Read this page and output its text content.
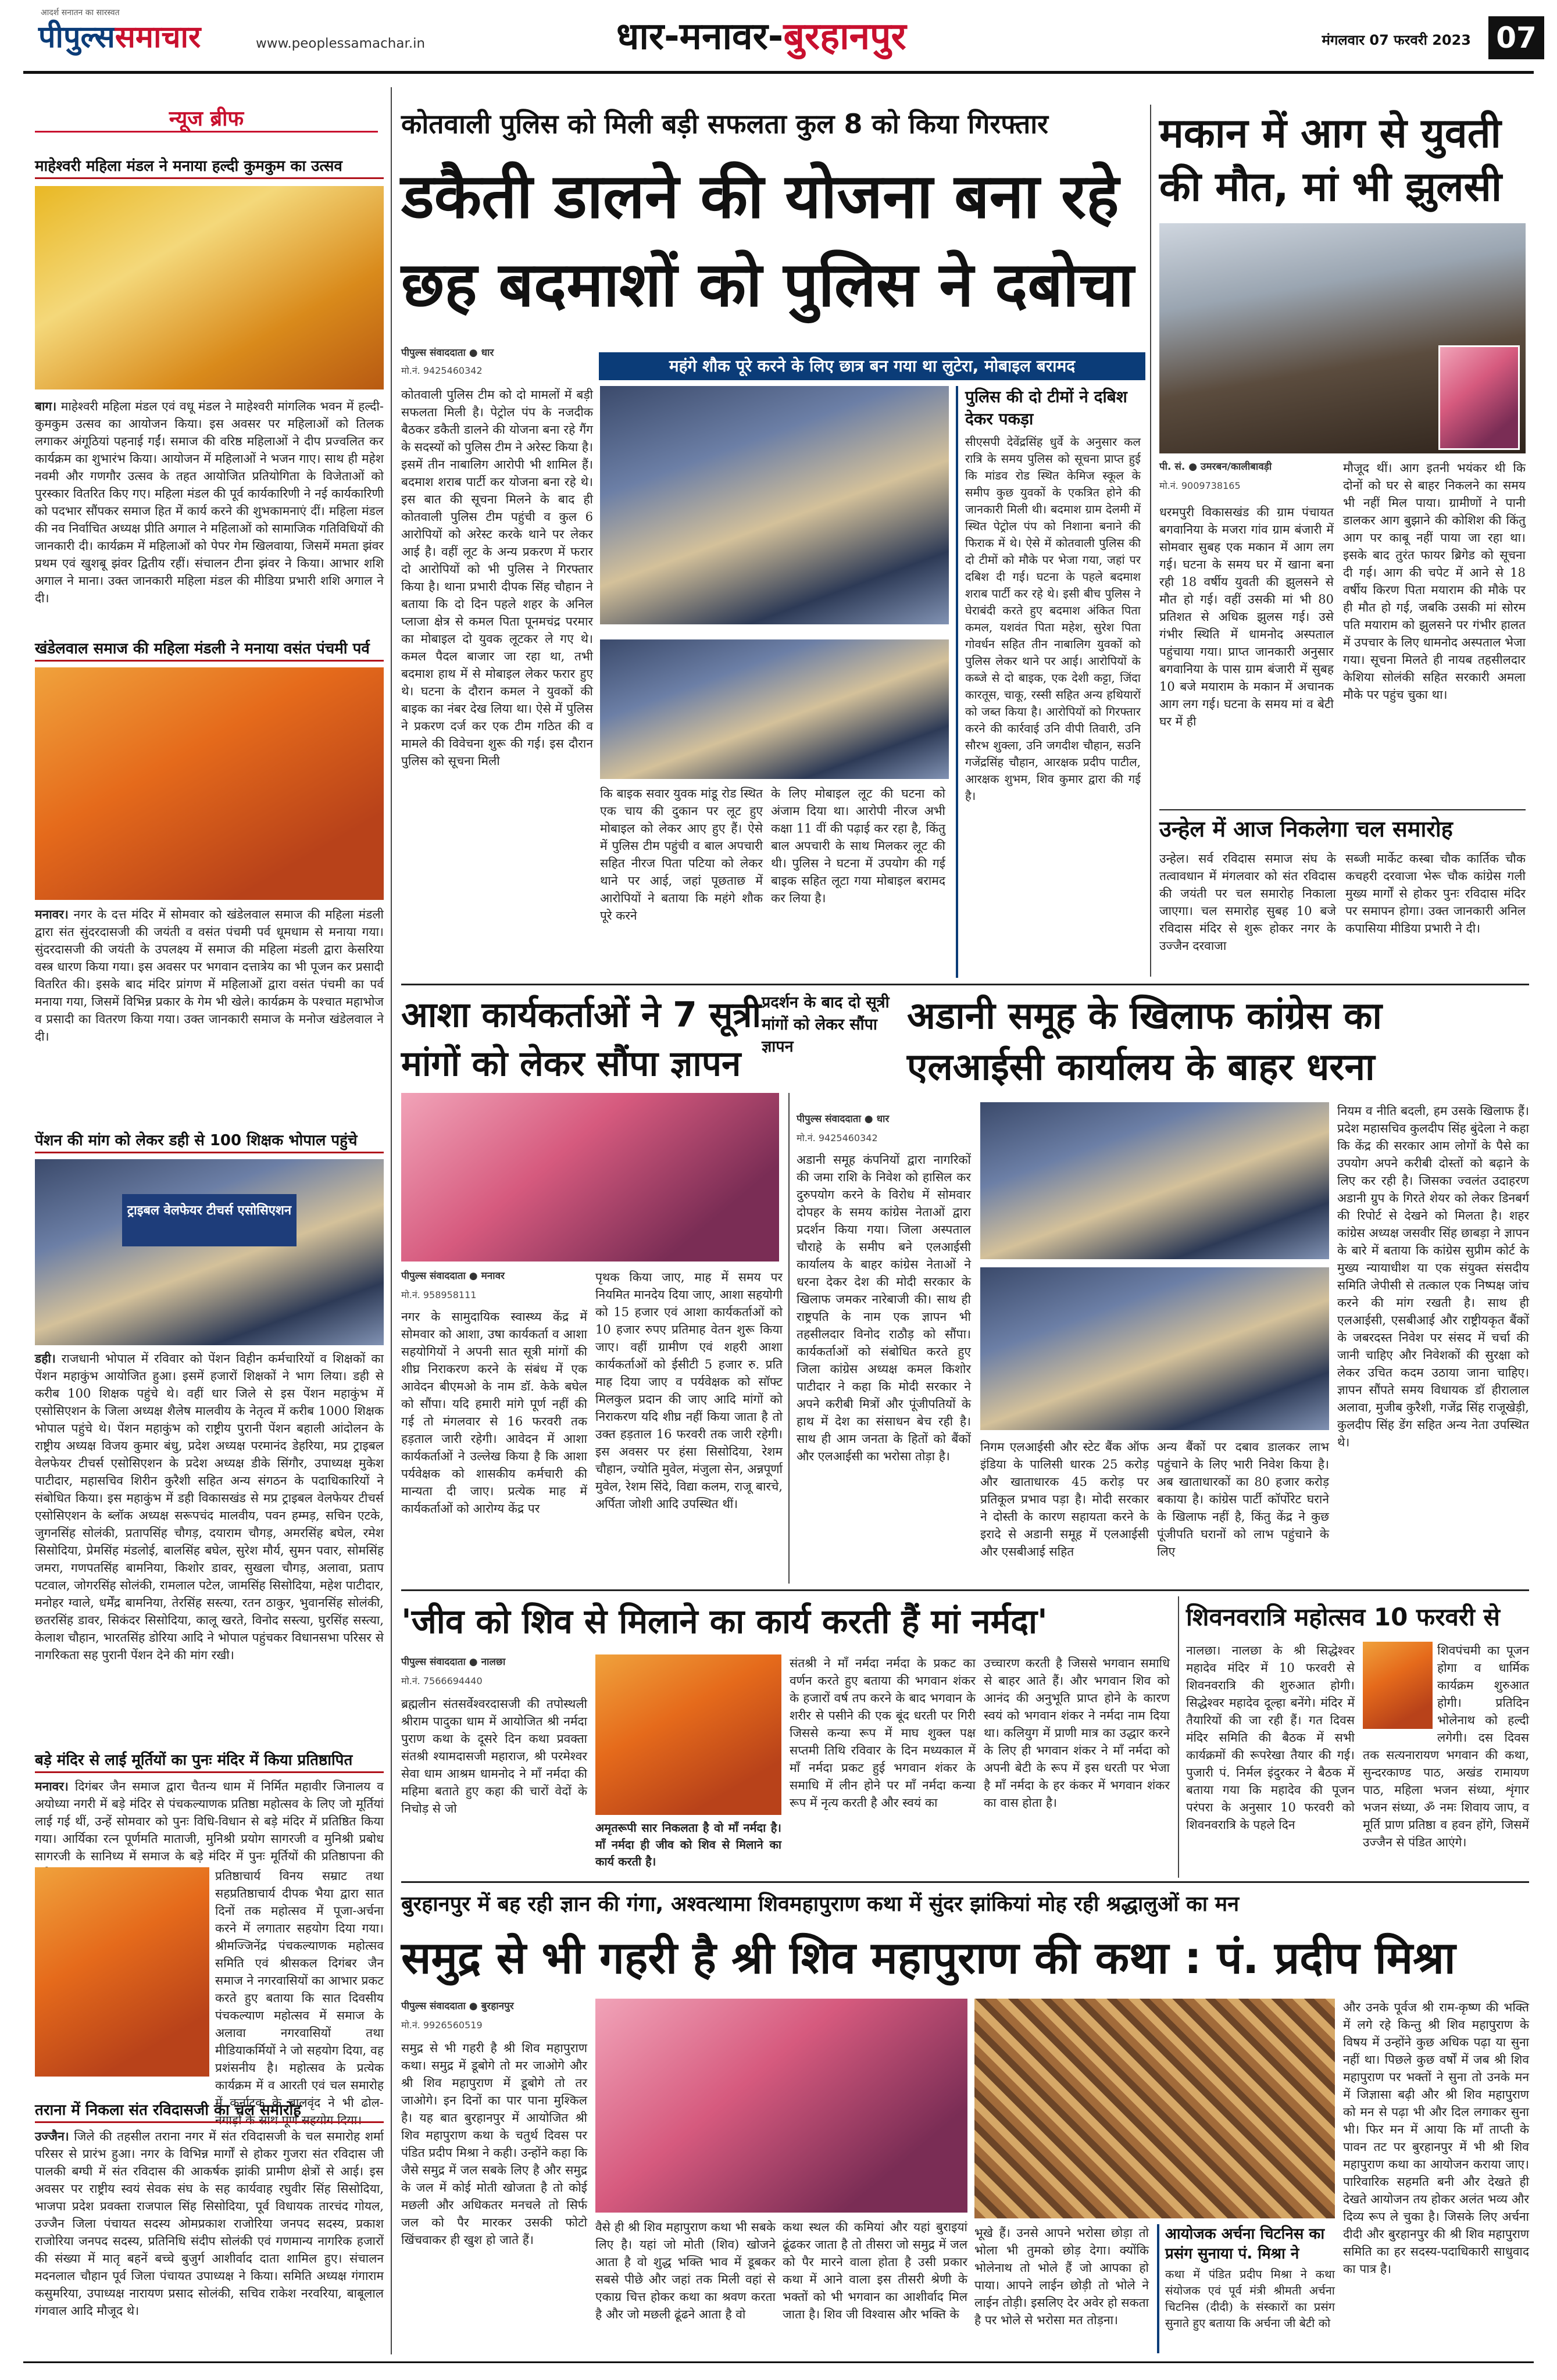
आदर्श सनातन का सारस्वत
पीपुल्ससमाचार	www.peoplessamachar.in	धार-मनावर-बुरहानपुर	मंगलवार 07 फरवरी 2023 07
न्यूज ब्रीफ
माहेश्वरी महिला मंडल ने मनाया हल्दी कुमकुम का उत्सव
बाग। माहेश्वरी महिला मंडल एवं वधू मंडल ने माहेश्वरी मांगलिक भवन में हल्दी-कुमकुम उत्सव का आयोजन किया। इस अवसर पर महिलाओं को तिलक लगाकर अंगूठियां पहनाई गईं। समाज की वरिष्ठ महिलाओं ने दीप प्रज्वलित कर कार्यक्रम का शुभारंभ किया। आयोजन में महिलाओं ने भजन गाए। साथ ही महेश नवमी और गणगौर उत्सव के तहत आयोजित प्रतियोगिता के विजेताओं को पुरस्कार वितरित किए गए। महिला मंडल की पूर्व कार्यकारिणी ने नई कार्यकारिणी को पदभार सौंपकर समाज हित में कार्य करने की शुभकामनाएं दीं। महिला मंडल की नव निर्वाचित अध्यक्ष प्रीति अगाल ने महिलाओं को सामाजिक गतिविधियों की जानकारी दी। कार्यक्रम में महिलाओं को पेपर गेम खिलवाया, जिसमें ममता झंवर प्रथम एवं खुशबू झंवर द्वितीय रहीं। संचालन टीना झंवर ने किया। आभार शशि अगाल ने माना। उक्त जानकारी महिला मंडल की मीडिया प्रभारी शशि अगाल ने दी।
खंडेलवाल समाज की महिला मंडली ने मनाया वसंत पंचमी पर्व
मनावर। नगर के दत्त मंदिर में सोमवार को खंडेलवाल समाज की महिला मंडली द्वारा संत सुंदरदासजी की जयंती व वसंत पंचमी पर्व धूमधाम से मनाया गया। सुंदरदासजी की जयंती के उपलक्ष्य में समाज की महिला मंडली द्वारा केसरिया वस्त्र धारण किया गया। इस अवसर पर भगवान दत्तात्रेय का भी पूजन कर प्रसादी वितरित की। इसके बाद मंदिर प्रांगण में महिलाओं द्वारा वसंत पंचमी का पर्व मनाया गया, जिसमें विभिन्न प्रकार के गेम भी खेले। कार्यक्रम के पश्चात महाभोज व प्रसादी का वितरण किया गया। उक्त जानकारी समाज के मनोज खंडेलवाल ने दी।
पेंशन की मांग को लेकर डही से 100 शिक्षक भोपाल पहुंचे
ट्राइबल वेलफेयर टीचर्स एसोसिएशन
डही। राजधानी भोपाल में रविवार को पेंशन विहीन कर्मचारियों व शिक्षकों का पेंशन महाकुंभ आयोजित हुआ। इसमें हजारों शिक्षकों ने भाग लिया। डही से करीब 100 शिक्षक पहुंचे थे। वहीं धार जिले से इस पेंशन महाकुंभ में एसोसिएशन के जिला अध्यक्ष शैलेष मालवीय के नेतृत्व में करीब 1000 शिक्षक भोपाल पहुंचे थे। पेंशन महाकुंभ को राष्ट्रीय पुरानी पेंशन बहाली आंदोलन के राष्ट्रीय अध्यक्ष विजय कुमार बंधु, प्रदेश अध्यक्ष परमानंद डेहरिया, मप्र ट्राइबल वेलफेयर टीचर्स एसोसिएशन के प्रदेश अध्यक्ष डीके सिंगौर, उपाध्यक्ष मुकेश पाटीदार, महासचिव शिरीन कुरैशी सहित अन्य संगठन के पदाधिकारियों ने संबोधित किया। इस महाकुंभ में डही विकासखंड से मप्र ट्राइबल वेलफेयर टीचर्स एसोसिएशन के ब्लॉक अध्यक्ष सरूपचंद मालवीय, पवन हम्मड़, सचिन एटके, जुगनसिंह सोलंकी, प्रतापसिंह चौगड़, दयाराम चौगड़, अमरसिंह बघेल, रमेश सिसोदिया, प्रेमसिंह मंडलोई, बालसिंह बघेल, सुरेश मौर्य, सुमन पवार, सोमसिंह जमरा, गणपतसिंह बामनिया, किशोर डावर, सुखला चौगड़, अलावा, प्रताप पटवाल, जोगरसिंह सोलंकी, रामलाल पटेल, जामसिंह सिसोदिया, महेश पाटीदार, मनोहर ग्वाले, धर्मेंद्र बामनिया, तेरसिंह सस्त्या, रतन ठाकुर, भुवानसिंह सोलंकी, छतरसिंह डावर, सिकंदर सिसोदिया, कालू खरते, विनोद सस्त्या, घुरसिंह सस्त्या, केलाश चौहान, भारतसिंह डोरिया आदि ने भोपाल पहुंचकर विधानसभा परिसर से नागरिकता सह पुरानी पेंशन देने की मांग रखी।
बड़े मंदिर से लाई मूर्तियों का पुनः मंदिर में किया प्रतिष्ठापित
मनावर। दिगंबर जैन समाज द्वारा चैतन्य धाम में निर्मित महावीर जिनालय व अयोध्या नगरी में बड़े मंदिर से पंचकल्याणक प्रतिष्ठा महोत्सव के लिए जो मूर्तियां लाई गई थीं, उन्हें सोमवार को पुनः विधि-विधान से बड़े मंदिर में प्रतिष्ठित किया गया। आर्यिका रत्न पूर्णमति माताजी, मुनिश्री प्रयोग सागरजी व मुनिश्री प्रबोध सागरजी के सानिध्य में समाज के बड़े मंदिर में पुनः मूर्तियों की प्रतिष्ठापना की
प्रतिष्ठाचार्य विनय सम्राट तथा सहप्रतिष्ठाचार्य दीपक भैया द्वारा सात दिनों तक महोत्सव में पूजा-अर्चना करने में लगातार सहयोग दिया गया। श्रीमज्जिनेंद्र पंचकल्याणक महोत्सव समिति एवं श्रीसकल दिगंबर जैन समाज ने नगरवासियों का आभार प्रकट करते हुए बताया कि सात दिवसीय पंचकल्याण महोत्सव में समाज के अलावा नगरवासियों तथा मीडियाकर्मियों ने जो सहयोग दिया, वह प्रशंसनीय है। महोत्सव के प्रत्येक कार्यक्रम में व आरती एवं चल समारोह में कर्नाटक के बालवृंद ने भी ढोल-नगाड़ों के साथ पूर्ण सहयोग दिया।
तराना में निकला संत रविदासजी का चल समारोह
उज्जैन। जिले की तहसील तराना नगर में संत रविदासजी के चल समारोह शर्मा परिसर से प्रारंभ हुआ। नगर के विभिन्न मार्गों से होकर गुजरा संत रविदास जी पालकी बग्घी में संत रविदास की आकर्षक झांकी प्रामीण क्षेत्रों से आई। इस अवसर पर राष्ट्रीय स्वयं सेवक संघ के सह कार्यवाह रघुवीर सिंह सिसोदिया, भाजपा प्रदेश प्रवक्ता राजपाल सिंह सिसोदिया, पूर्व विधायक तारचंद गोयल, उज्जैन जिला पंचायत सदस्य ओमप्रकाश राजोरिया जनपद सदस्य, प्रकाश राजोरिया जनपद सदस्य, प्रतिनिधि संदीप सोलंकी एवं गणमान्य नागरिक हजारों की संख्या में मातृ बहनें बच्चे बुजुर्ग आशीर्वाद दाता शामिल हुए। संचालन मदनलाल चौहान पूर्व जिला पंचायत उपाध्यक्ष ने किया। समिति अध्यक्ष गंगाराम कसुमरिया, उपाध्यक्ष नारायण प्रसाद सोलंकी, सचिव राकेश नरवरिया, बाबूलाल गंगवाल आदि मौजूद थे।
कोतवाली पुलिस को मिली बड़ी सफलता कुल 8 को किया गिरफ्तार
डकैती डालने की योजना बना रहे
छह बदमाशों को पुलिस ने दबोचा
महंगे शौक पूरे करने के लिए छात्र बन गया था लुटेरा, मोबाइल बरामद
पीपुल्स संवाददाता ● धार
मो.नं. 9425460342
कोतवाली पुलिस टीम को दो मामलों में बड़ी सफलता मिली है। पेट्रोल पंप के नजदीक बैठकर डकैती डालने की योजना बना रहे गैंग के सदस्यों को पुलिस टीम ने अरेस्ट किया है। इसमें तीन नाबालिग आरोपी भी शामिल हैं। बदमाश शराब पार्टी कर योजना बना रहे थे। इस बात की सूचना मिलने के बाद ही कोतवाली पुलिस टीम पहुंची व कुल 6 आरोपियों को अरेस्ट करके थाने पर लेकर आई है। वहीं लूट के अन्य प्रकरण में फरार दो आरोपियों को भी पुलिस ने गिरफ्तार किया है। थाना प्रभारी दीपक सिंह चौहान ने बताया कि दो दिन पहले शहर के अनिल प्लाजा क्षेत्र से कमल पिता पूनमचंद्र परमार का मोबाइल दो युवक लूटकर ले गए थे। कमल पैदल बाजार जा रहा था, तभी बदमाश हाथ में से मोबाइल लेकर फरार हुए थे। घटना के दौरान कमल ने युवकों की बाइक का नंबर देख लिया था। ऐसे में पुलिस ने प्रकरण दर्ज कर एक टीम गठित की व मामले की विवेचना शुरू की गई। इस दौरान पुलिस को सूचना मिली
कि बाइक सवार युवक मांडू रोड स्थित एक चाय की दुकान पर लूट हुए मोबाइल को लेकर आए हुए हैं। ऐसे में पुलिस टीम पहुंची व बाल अपचारी सहित नीरज पिता पटिया को लेकर थाने पर आई, जहां पूछताछ में आरोपियों ने बताया कि महंगे शौक पूरे करने
के लिए मोबाइल लूट की घटना को अंजाम दिया था। आरोपी नीरज अभी कक्षा 11 वीं की पढ़ाई कर रहा है, किंतु बाल अपचारी के साथ मिलकर लूट की थी। पुलिस ने घटना में उपयोग की गई बाइक सहित लूटा गया मोबाइल बरामद कर लिया है।
पुलिस की दो टीमों ने दबिश देकर पकड़ा
सीएसपी देवेंद्रसिंह धुर्वे के अनुसार कल रात्रि के समय पुलिस को सूचना प्राप्त हुई कि मांडव रोड स्थित केमिज स्कूल के समीप कुछ युवकों के एकत्रित होने की जानकारी मिली थी। बदमाश ग्राम देलमी में स्थित पेट्रोल पंप को निशाना बनाने की फिराक में थे। ऐसे में कोतवाली पुलिस की दो टीमों को मौके पर भेजा गया, जहां पर दबिश दी गई। घटना के पहले बदमाश शराब पार्टी कर रहे थे। इसी बीच पुलिस ने घेराबंदी करते हुए बदमाश अंकित पिता कमल, यशवंत पिता महेश, सुरेश पिता गोवर्धन सहित तीन नाबालिग युवकों को पुलिस लेकर थाने पर आई। आरोपियों के कब्जे से दो बाइक, एक देशी कट्टा, जिंदा कारतूस, चाकू, रस्सी सहित अन्य हथियारों को जब्त किया है। आरोपियों को गिरफ्तार करने की कार्रवाई उनि वीपी तिवारी, उनि सौरभ शुक्ला, उनि जगदीश चौहान, सउनि गजेंद्रसिंह चौहान, आरक्षक प्रदीप पाटील, आरक्षक शुभम, शिव कुमार द्वारा की गई है।
मकान में आग से युवती
की मौत, मां भी झुलसी
पी. सं. ● उमरबन/कालीबावड़ी
मो.नं. 9009738165
धरमपुरी विकासखंड की ग्राम पंचायत बगवानिया के मजरा गांव ग्राम बंजारी में सोमवार सुबह एक मकान में आग लग गई। घटना के समय घर में खाना बना रही 18 वर्षीय युवती की झुलसने से मौत हो गई। वहीं उसकी मां भी 80 प्रतिशत से अधिक झुलस गई। उसे गंभीर स्थिति में धामनोद अस्पताल पहुंचाया गया। प्राप्त जानकारी अनुसार बगवानिया के पास ग्राम बंजारी में सुबह 10 बजे मयाराम के मकान में अचानक आग लग गई। घटना के समय मां व बेटी घर में ही
मौजूद थीं। आग इतनी भयंकर थी कि दोनों को घर से बाहर निकलने का समय भी नहीं मिल पाया। ग्रामीणों ने पानी डालकर आग बुझाने की कोशिश की किंतु आग पर काबू नहीं पाया जा रहा था। इसके बाद तुरंत फायर ब्रिगेड को सूचना दी गई। आग की चपेट में आने से 18 वर्षीय किरण पिता मयाराम की मौके पर ही मौत हो गई, जबकि उसकी मां सोरम पति मयाराम को झुलसने पर गंभीर हालत में उपचार के लिए धामनोद अस्पताल भेजा गया। सूचना मिलते ही नायब तहसीलदार केशिया सोलंकी सहित सरकारी अमला मौके पर पहुंच चुका था।
उन्हेल में आज निकलेगा चल समारोह
उन्हेल। सर्व रविदास समाज संघ के तत्वावधान में मंगलवार को संत रविदास की जयंती पर चल समारोह निकाला जाएगा। चल समारोह सुबह 10 बजे रविदास मंदिर से शुरू होकर नगर के उज्जैन दरवाजा
सब्जी मार्केट कस्बा चौक कार्तिक चौक कचहरी दरवाजा भेरू चौक कांग्रेस गली मुख्य मार्गों से होकर पुनः रविदास मंदिर पर समापन होगा। उक्त जानकारी अनिल कपासिया मीडिया प्रभारी ने दी।
आशा कार्यकर्ताओं ने 7 सूत्री
मांगों को लेकर सौंपा ज्ञापन
प्रदर्शन के बाद दो सूत्री मांगों को लेकर सौंपा ज्ञापन
पीपुल्स संवाददाता ● मनावर
मो.नं. 958958111
नगर के सामुदायिक स्वास्थ्य केंद्र में सोमवार को आशा, उषा कार्यकर्ता व आशा सहयोगियों ने अपनी सात सूत्री मांगों की शीघ्र निराकरण करने के संबंध में एक आवेदन बीएमओ के नाम डॉ. केके बघेल को सौंपा। यदि हमारी मांगे पूर्ण नहीं की गई तो मंगलवार से 16 फरवरी तक हड़ताल जारी रहेगी। आवेदन में आशा कार्यकर्ताओं ने उल्लेख किया है कि आशा पर्यवेक्षक को शासकीय कर्मचारी की मान्यता दी जाए। प्रत्येक माह में कार्यकर्ताओं को आरोग्य केंद्र पर
पृथक किया जाए, माह में समय पर नियमित मानदेय दिया जाए, आशा सहयोगी को 15 हजार एवं आशा कार्यकर्ताओं को 10 हजार रुपए प्रतिमाह वेतन शुरू किया जाए। वहीं ग्रामीण एवं शहरी आशा कार्यकर्ताओं को ईसीटी 5 हजार रु. प्रति माह दिया जाए व पर्यवेक्षक को सॉफ्ट मिलकुल प्रदान की जाए आदि मांगों को निराकरण यदि शीघ्र नहीं किया जाता है तो उक्त हड़ताल 16 फरवरी तक जारी रहेगी। इस अवसर पर हंसा सिसोदिया, रेशम चौहान, ज्योति मुवेल, मंजुला सेन, अन्नपूर्णा मुवेल, रेशम सिंदे, विद्या कलम, राजू बारचे, अर्पिता जोशी आदि उपस्थित थीं।
अडानी समूह के खिलाफ कांग्रेस का
एलआईसी कार्यालय के बाहर धरना
पीपुल्स संवाददाता ● धार
मो.नं. 9425460342
अडानी समूह कंपनियों द्वारा नागरिकों की जमा राशि के निवेश को हासिल कर दुरुपयोग करने के विरोध में सोमवार दोपहर के समय कांग्रेस नेताओं द्वारा प्रदर्शन किया गया। जिला अस्पताल चौराहे के समीप बने एलआईसी कार्यालय के बाहर कांग्रेस नेताओं ने धरना देकर देश की मोदी सरकार के खिलाफ जमकर नारेबाजी की। साथ ही राष्ट्रपति के नाम एक ज्ञापन भी तहसीलदार विनोद राठौड़ को सौंपा। कार्यकर्ताओं को संबोधित करते हुए जिला कांग्रेस अध्यक्ष कमल किशोर पाटीदार ने कहा कि मोदी सरकार ने अपने करीबी मित्रों और पूंजीपतियों के हाथ में देश का संसाधन बेच रही है। साथ ही आम जनता के हितों को बैंकों और एलआईसी का भरोसा तोड़ा है।
निगम एलआईसी और स्टेट बैंक ऑफ इंडिया के पालिसी धारक 25 करोड़ और खाताधारक 45 करोड़ पर प्रतिकूल प्रभाव पड़ा है। मोदी सरकार ने दोस्ती के कारण सहायता करने के इरादे से अडानी समूह में एलआईसी और एसबीआई सहित
अन्य बैंकों पर दबाव डालकर लाभ पहुंचाने के लिए भारी निवेश किया है। अब खाताधारकों का 80 हजार करोड़ बकाया है। कांग्रेस पार्टी कॉर्पोरेट घराने के खिलाफ नहीं है, किंतु केंद्र ने कुछ पूंजीपति घरानों को लाभ पहुंचाने के लिए
नियम व नीति बदली, हम उसके खिलाफ हैं। प्रदेश महासचिव कुलदीप सिंह बुंदेला ने कहा कि केंद्र की सरकार आम लोगों के पैसे का उपयोग अपने करीबी दोस्तों को बढ़ाने के लिए कर रही है। जिसका ज्वलंत उदाहरण अडानी ग्रुप के गिरते शेयर को लेकर डिनबर्ग की रिपोर्ट से देखने को मिलता है। शहर कांग्रेस अध्यक्ष जसवीर सिंह छाबड़ा ने ज्ञापन के बारे में बताया कि कांग्रेस सुप्रीम कोर्ट के मुख्य न्यायाधीश या एक संयुक्त संसदीय समिति जेपीसी से तत्काल एक निष्पक्ष जांच करने की मांग रखती है। साथ ही एलआईसी, एसबीआई और राष्ट्रीयकृत बैंकों के जबरदस्त निवेश पर संसद में चर्चा की जानी चाहिए और निवेशकों की सुरक्षा को लेकर उचित कदम उठाया जाना चाहिए। ज्ञापन सौंपते समय विधायक डॉ हीरालाल अलावा, मुजीब कुरैशी, गजेंद्र सिंह राजूखेड़ी, कुलदीप सिंह डेंग सहित अन्य नेता उपस्थित थे।
'जीव को शिव से मिलाने का कार्य करती हैं मां नर्मदा'
पीपुल्स संवाददाता ● नालछा
मो.नं. 7566694440
ब्रह्मलीन संतसर्वेश्वरदासजी की तपोस्थली श्रीराम पादुका धाम में आयोजित श्री नर्मदा पुराण कथा के दूसरे दिन कथा प्रवक्ता संतश्री श्यामदासजी महाराज, श्री परमेश्वर सेवा धाम आश्रम धामनोद ने माँ नर्मदा की महिमा बताते हुए कहा की चारों वेदों के निचोड़ से जो
अमृतरूपी सार निकलता है वो माँ नर्मदा है। माँ नर्मदा ही जीव को शिव से मिलाने का कार्य करती है।
संतश्री ने माँ नर्मदा नर्मदा के प्रकट का वर्णन करते हुए बताया की भगवान शंकर के हजारों वर्ष तप करने के बाद भगवान के शरीर से पसीने की एक बूंद धरती पर गिरी जिससे कन्या रूप में माघ शुक्ल पक्ष सप्तमी तिथि रविवार के दिन मध्यकाल में माँ नर्मदा प्रकट हुई भगवान शंकर के समाधि में लीन होने पर माँ नर्मदा कन्या रूप में नृत्य करती है और स्वयं का
उच्चारण करती है जिससे भगवान समाधि से बाहर आते हैं। और भगवान शिव को आनंद की अनुभूति प्राप्त होने के कारण स्वयं को भगवान शंकर ने नर्मदा नाम दिया था। कलियुग में प्राणी मात्र का उद्धार करने के लिए ही भगवान शंकर ने माँ नर्मदा को अपनी बेटी के रूप में इस धरती पर भेजा है माँ नर्मदा के हर कंकर में भगवान शंकर का वास होता है।
शिवनवरात्रि महोत्सव 10 फरवरी से
नालछा। नालछा के श्री सिद्धेश्वर महादेव मंदिर में 10 फरवरी से शिवनवरात्रि की शुरुआत होगी। सिद्धेश्वर महादेव दूल्हा बनेंगे। मंदिर में तैयारियों की जा रही हैं। गत दिवस मंदिर समिति की बैठक में सभी कार्यक्रमों की रूपरेखा तैयार की गई। पुजारी पं. निर्मल इंदुरकर ने बैठक में बताया गया कि महादेव की पूजन परंपरा के अनुसार 10 फरवरी को शिवनवरात्रि के पहले दिन
शिवपंचमी का पूजन होगा व धार्मिक कार्यक्रम शुरुआत होगी। प्रतिदिन भोलेनाथ को हल्दी लगेगी। दस दिवस तक सत्यनारायण भगवान की कथा, सुन्दरकाण्ड पाठ, अखंड रामायण पाठ, महिला भजन संध्या, शृंगार भजन संध्या, ॐ नमः शिवाय जाप, व मूर्ति प्राण प्रतिष्ठा व हवन होंगे, जिसमें उज्जैन से पंडित आएंगे।
बुरहानपुर में बह रही ज्ञान की गंगा, अश्वत्थामा शिवमहापुराण कथा में सुंदर झांकियां मोह रही श्रद्धालुओं का मन
समुद्र से भी गहरी है श्री शिव महापुराण की कथा : पं. प्रदीप मिश्रा
पीपुल्स संवाददाता ● बुरहानपुर
मो.नं. 9926560519
समुद्र से भी गहरी है श्री शिव महापुराण कथा। समुद्र में डूबोगे तो मर जाओगे और श्री शिव महापुराण में डूबोगे तो तर जाओगे। इन दिनों का पार पाना मुश्किल है। यह बात बुरहानपुर में आयोजित श्री शिव महापुराण कथा के चतुर्थ दिवस पर पंडित प्रदीप मिश्रा ने कही। उन्होंने कहा कि जैसे समुद्र में जल सबके लिए है और समुद्र के जल में कोई मोती खोजता है तो कोई मछली और अधिकतर मनचले तो सिर्फ जल को पैर मारकर उसकी फोटो खिंचवाकर ही खुश हो जाते हैं।
वैसे ही श्री शिव महापुराण कथा भी सबके लिए है। यहां जो मोती (शिव) खोजने आता है वो शुद्ध भक्ति भाव में डूबकर सबसे पीछे और जहां तक मिली वहां से एकाग्र चित्त होकर कथा का श्रवण करता है और जो मछली ढूंढने आता है वो
कथा स्थल की कमियां और यहां बुराइयां ढूंढकर जाता है तो तीसरा जो समुद्र में जल को पैर मारने वाला होता है उसी प्रकार कथा में आने वाला इस तीसरी श्रेणी के भक्तों को भी भगवान का आशीर्वाद मिल जाता है। शिव जी विश्वास और भक्ति के
भूखे हैं। उनसे आपने भरोसा छोड़ा तो भोला भी तुमको छोड़ देगा। क्योंकि भोलेनाथ तो भोले हैं जो आपका हो पाया। आपने लाईन छोड़ी तो भोले ने लाईन तोड़ी। इसलिए देर अवेर हो सकता है पर भोले से भरोसा मत तोड़ना।
आयोजक अर्चना चिटनिस का प्रसंग सुनाया पं. मिश्रा ने
कथा में पंडित प्रदीप मिश्रा ने कथा संयोजक एवं पूर्व मंत्री श्रीमती अर्चना चिटनिस (दीदी) के संस्कारों का प्रसंग सुनाते हुए बताया कि अर्चना जी बेटी को
और उनके पूर्वज श्री राम-कृष्ण की भक्ति में लगे रहे किन्तु श्री शिव महापुराण के विषय में उन्होंने कुछ अधिक पढ़ा या सुना नहीं था। पिछले कुछ वर्षों में जब श्री शिव महापुराण पर भक्तों ने सुना तो उनके मन में जिज्ञासा बढ़ी और श्री शिव महापुराण को मन से पढ़ा भी और दिल लगाकर सुना भी। फिर मन में आया कि माँ ताप्ती के पावन तट पर बुरहानपुर में भी श्री शिव महापुराण कथा का आयोजन कराया जाए। पारिवारिक सहमति बनी और देखते ही देखते आयोजन तय होकर अलंत भव्य और दिव्य रूप ले चुका है। जिसके लिए अर्चना दीदी और बुरहानपुर की श्री शिव महापुराण समिति का हर सदस्य-पदाधिकारी साधुवाद का पात्र है।
